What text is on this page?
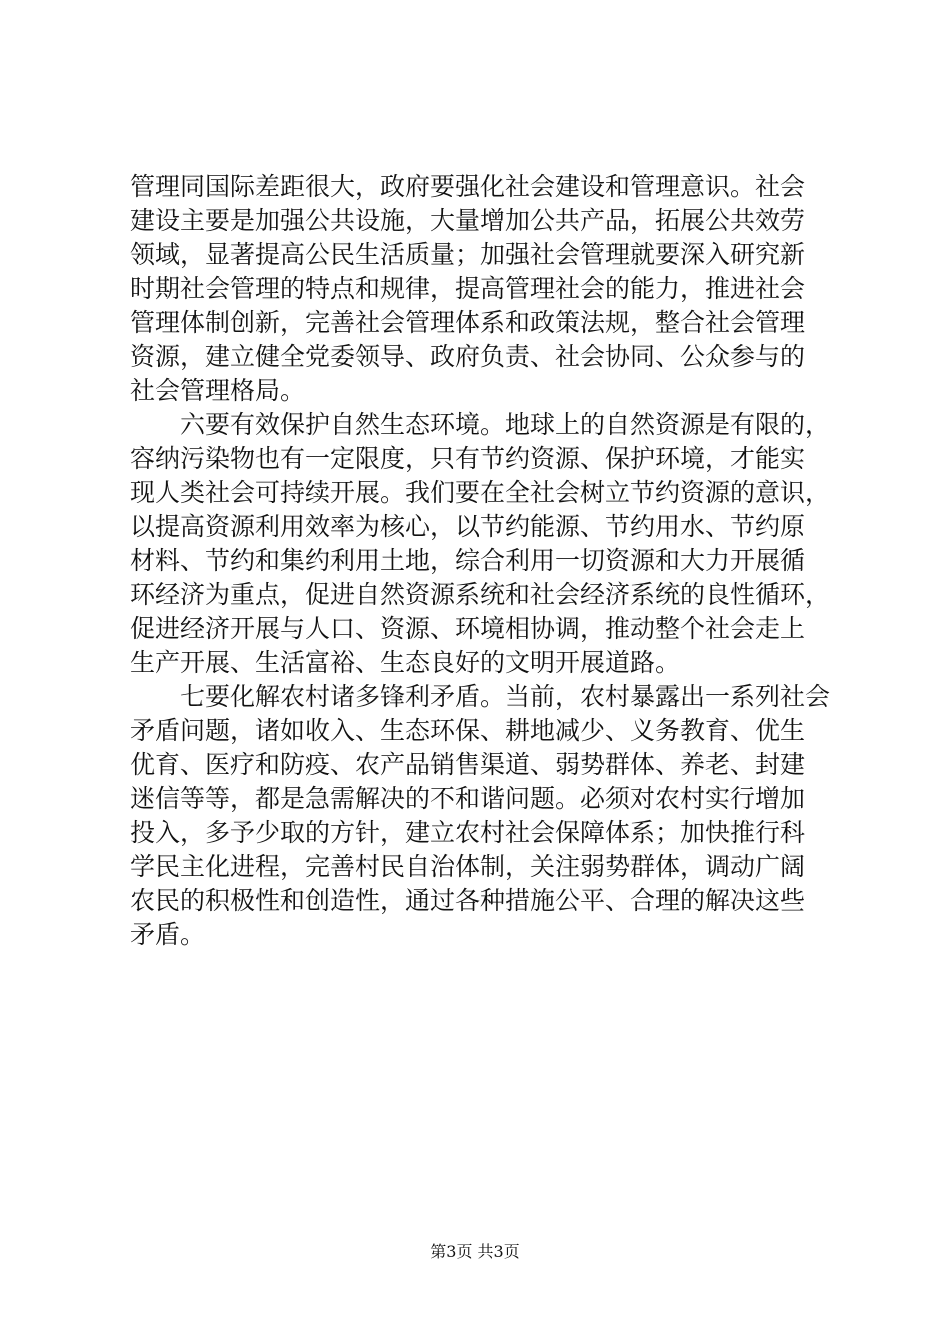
管理同国际差距很大，政府要强化社会建设和管理意识。社会
建设主要是加强公共设施，大量增加公共产品，拓展公共效劳
领域，显著提高公民生活质量；加强社会管理就要深入研究新
时期社会管理的特点和规律，提高管理社会的能力，推进社会
管理体制创新，完善社会管理体系和政策法规，整合社会管理
资源，建立健全党委领导、政府负责、社会协同、公众参与的
社会管理格局。
　　六要有效保护自然生态环境。地球上的自然资源是有限的，
容纳污染物也有一定限度，只有节约资源、保护环境，才能实
现人类社会可持续开展。我们要在全社会树立节约资源的意识，
以提高资源利用效率为核心，以节约能源、节约用水、节约原
材料、节约和集约利用土地，综合利用一切资源和大力开展循
环经济为重点，促进自然资源系统和社会经济系统的良性循环，
促进经济开展与人口、资源、环境相协调，推动整个社会走上
生产开展、生活富裕、生态良好的文明开展道路。
　　七要化解农村诸多锋利矛盾。当前，农村暴露出一系列社会
矛盾问题，诸如收入、生态环保、耕地减少、义务教育、优生
优育、医疗和防疫、农产品销售渠道、弱势群体、养老、封建
迷信等等，都是急需解决的不和谐问题。必须对农村实行增加
投入，多予少取的方针，建立农村社会保障体系；加快推行科
学民主化进程，完善村民自治体制，关注弱势群体，调动广阔
农民的积极性和创造性，通过各种措施公平、合理的解决这些
矛盾。
第3页 共3页
